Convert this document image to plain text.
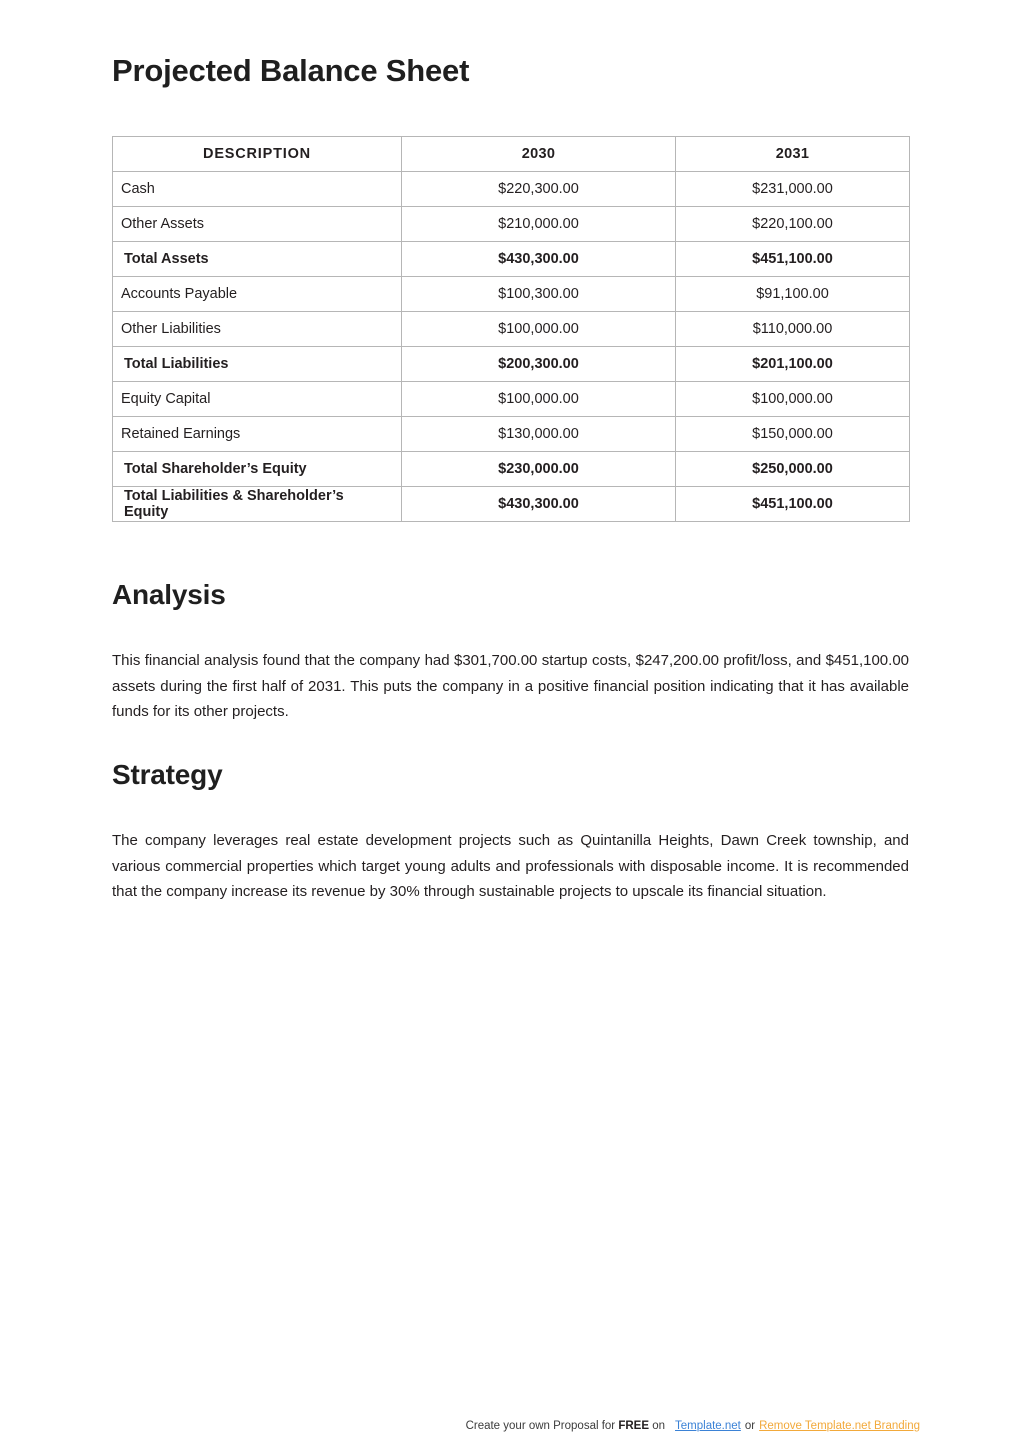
Projected Balance Sheet
DESCRIPTION	2030	2031
Cash	$220,300.00	$231,000.00
Other Assets	$210,000.00	$220,100.00
Total Assets	$430,300.00	$451,100.00
Accounts Payable	$100,300.00	$91,100.00
Other Liabilities	$100,000.00	$110,000.00
Total Liabilities	$200,300.00	$201,100.00
Equity Capital	$100,000.00	$100,000.00
Retained Earnings	$130,000.00	$150,000.00
Total Shareholder’s Equity	$230,000.00	$250,000.00
Total Liabilities & Shareholder’s Equity	$430,300.00	$451,100.00
Analysis

This financial analysis found that the company had $301,700.00 startup costs, $247,200.00 profit/loss, and $451,100.00 assets during the first half of 2031. This puts the company in a positive financial position indicating that it has available funds for its other projects.

Strategy

The company leverages real estate development projects such as Quintanilla Heights, Dawn Creek township, and various commercial properties which target young adults and professionals with disposable income. It is recommended that the company increase its revenue by 30% through sustainable projects to upscale its financial situation.

Create your own Proposal for FREE on Template.net or Remove Template.net Branding
